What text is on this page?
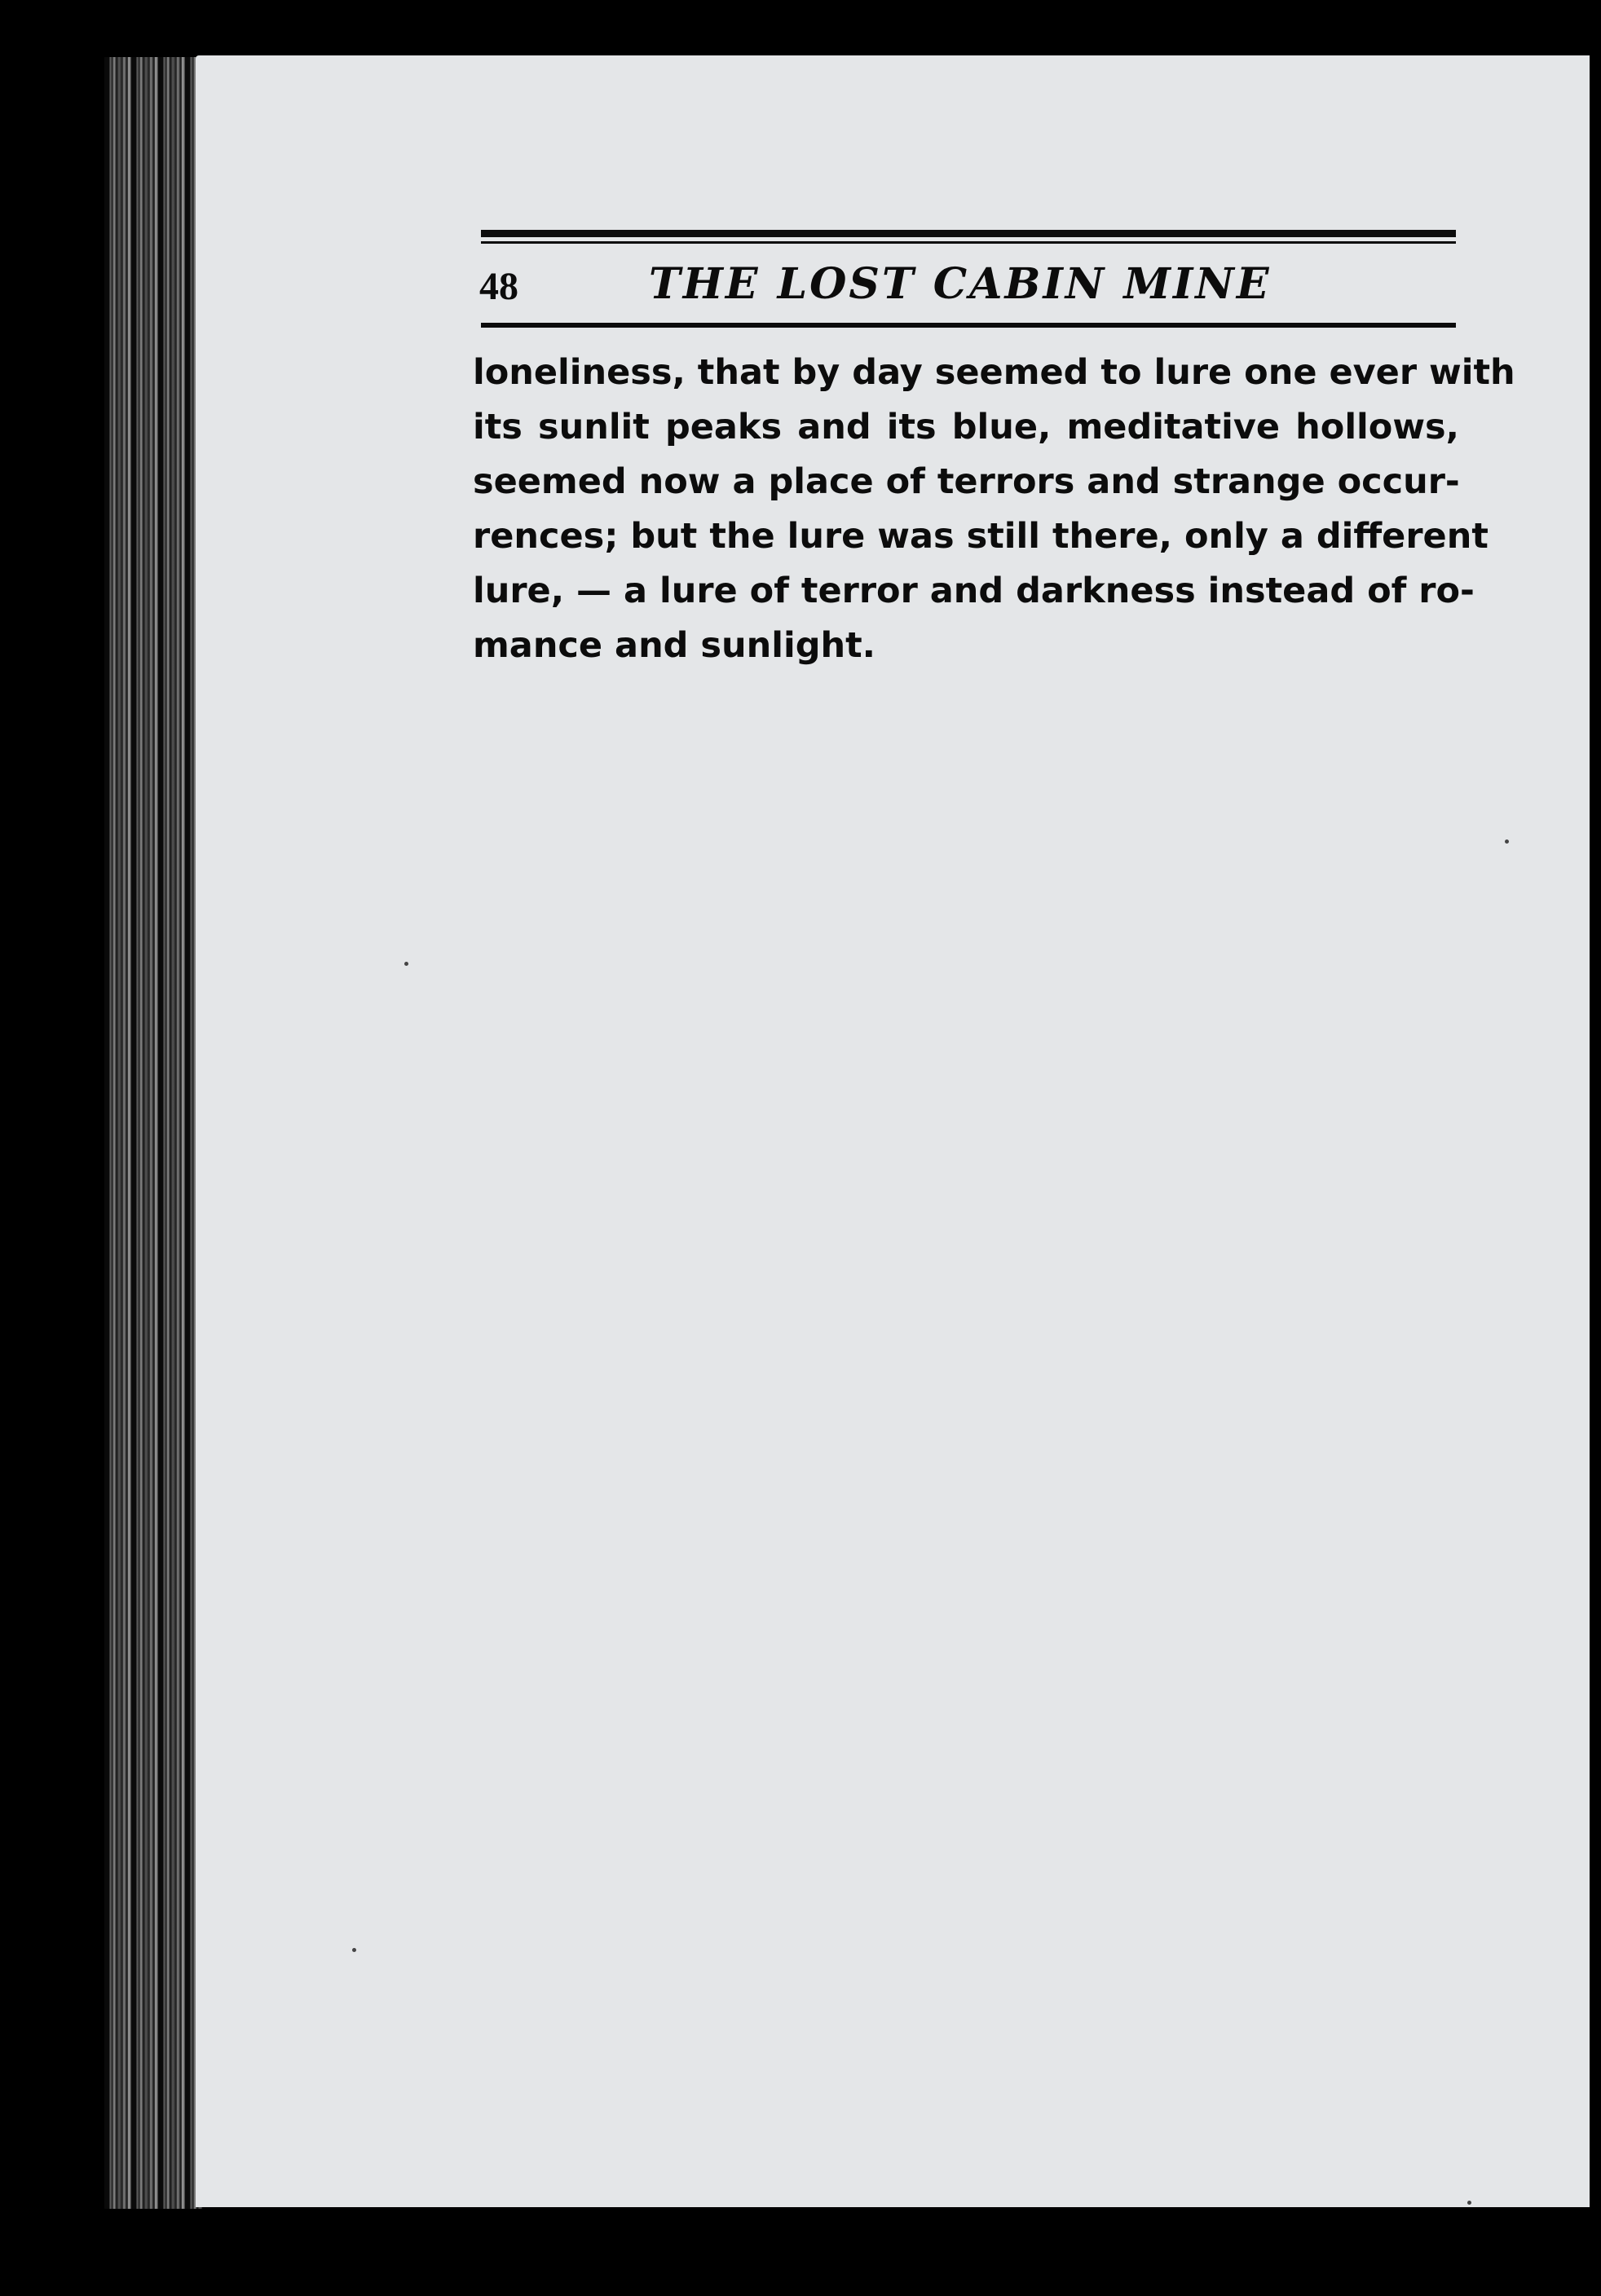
48	THE LOST CABIN MINE
loneliness, that by day seemed to lure one ever with
its sunlit peaks and its blue, meditative hollows,
seemed now a place of terrors and strange occur-
rences; but the lure was still there, only a different
lure, — a lure of terror and darkness instead of ro-
mance and sunlight.
